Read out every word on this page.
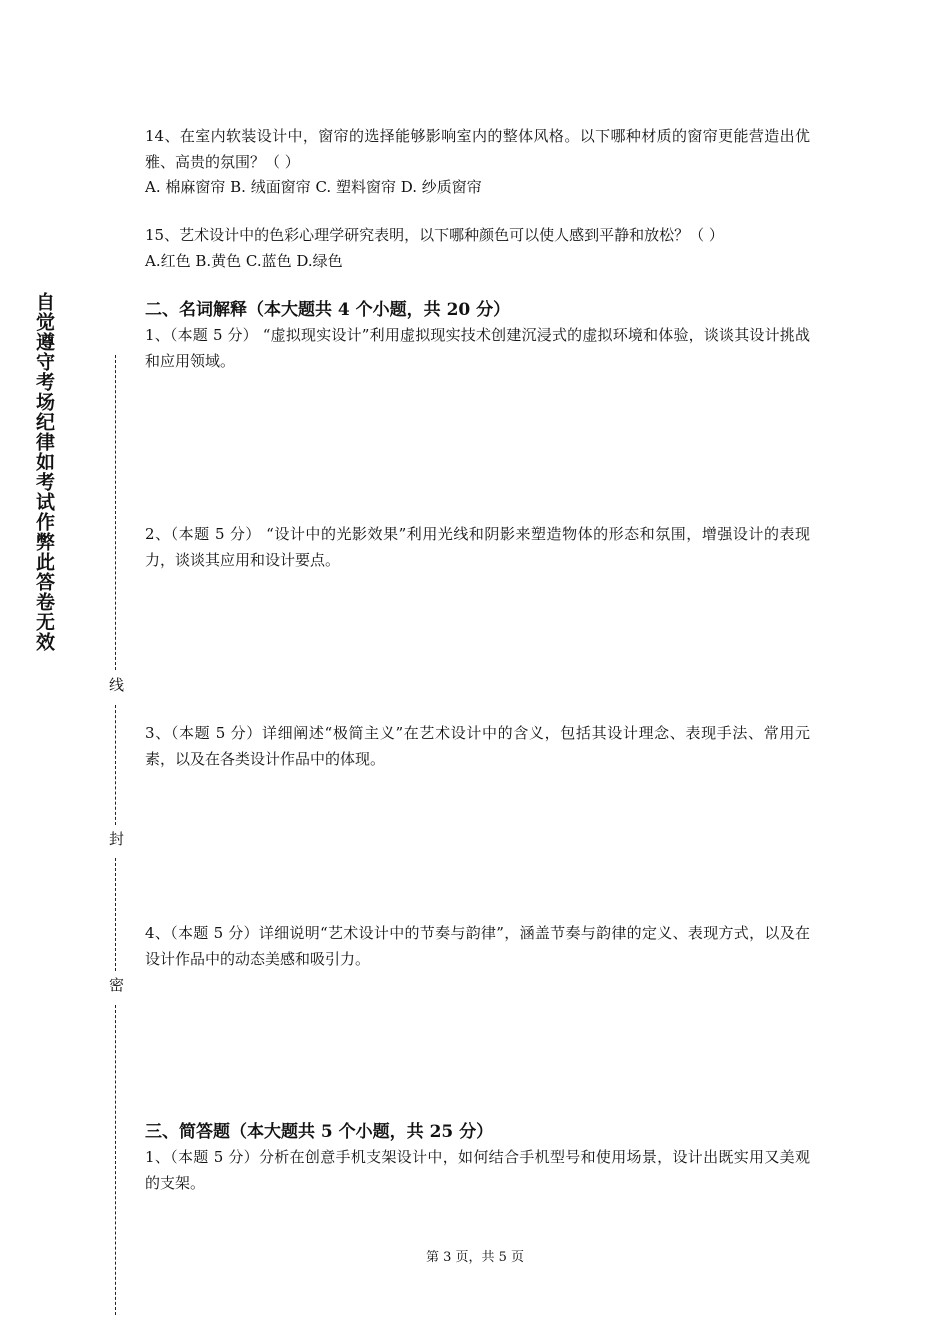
自觉遵守考场纪律如考试作弊此答卷无效
线
封
密

14、在室内软装设计中，窗帘的选择能够影响室内的整体风格。以下哪种材质的窗帘更能营造出优雅、高贵的氛围？（ ）

A. 棉麻窗帘 B. 绒面窗帘 C. 塑料窗帘 D. 纱质窗帘

15、艺术设计中的色彩心理学研究表明，以下哪种颜色可以使人感到平静和放松？（ ）

A.红色 B.黄色 C.蓝色 D.绿色

二、名词解释（本大题共 4 个小题，共 20 分）

1、（本题 5 分） “虚拟现实设计”利用虚拟现实技术创建沉浸式的虚拟环境和体验，谈谈其设计挑战和应用领域。

2、（本题 5 分） “设计中的光影效果”利用光线和阴影来塑造物体的形态和氛围，增强设计的表现力，谈谈其应用和设计要点。

3、（本题 5 分）详细阐述“极简主义”在艺术设计中的含义，包括其设计理念、表现手法、常用元素，以及在各类设计作品中的体现。

4、（本题 5 分）详细说明“艺术设计中的节奏与韵律”，涵盖节奏与韵律的定义、表现方式，以及在设计作品中的动态美感和吸引力。

三、简答题（本大题共 5 个小题，共 25 分）

1、（本题 5 分）分析在创意手机支架设计中，如何结合手机型号和使用场景，设计出既实用又美观的支架。

第 3 页，共 5 页
